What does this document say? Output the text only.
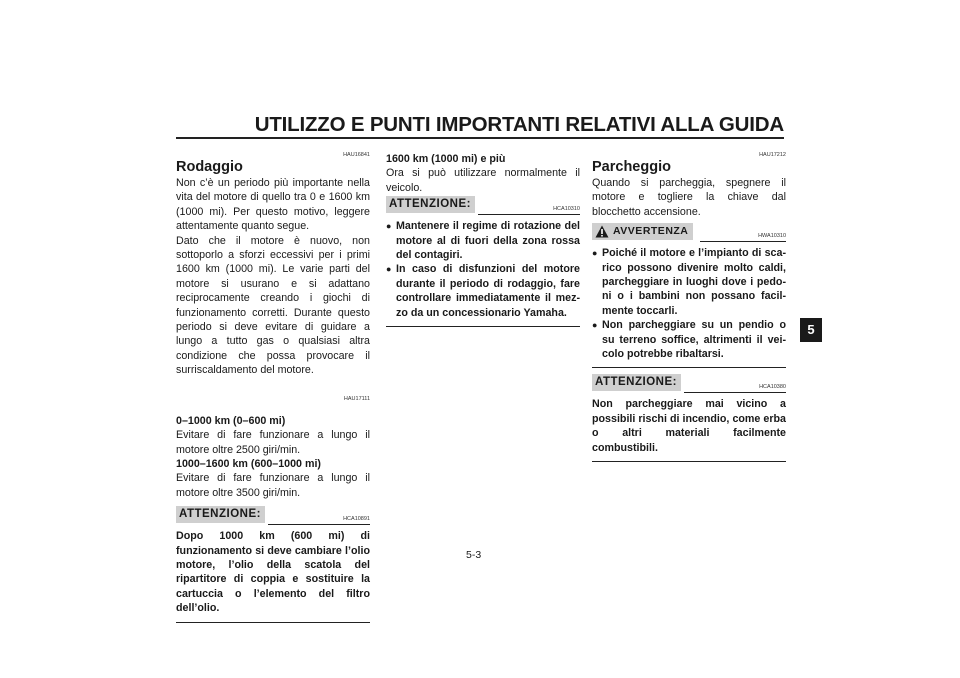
UTILIZZO E PUNTI IMPORTANTI RELATIVI ALLA GUIDA
5
Rodaggio
HAU16841

Non c’è un periodo più importante nella vita del motore di quello tra 0 e 1600 km (1000 mi). Per questo motivo, leggere attentamente quanto segue.

Dato che il motore è nuovo, non sottoporlo a sforzi eccessivi per i primi 1600 km (1000 mi). Le varie parti del motore si usurano e si adattano reciprocamente creando i giochi di funzionamento corretti. Durante questo periodo si deve evitare di guidare a lungo a tutto gas o qualsiasi altra condizione che possa provocare il surriscaldamento del motore.

HAU17111
0–1000 km (0–600 mi)

Evitare di fare funzionare a lungo il motore oltre 2500 giri/min.

1000–1600 km (600–1000 mi)

Evitare di fare funzionare a lungo il motore oltre 3500 giri/min.

ATTENZIONE:	HCA10891

Dopo 1000 km (600 mi) di funzionamento si deve cambiare l’olio motore, l’olio della scatola del ripartitore di coppia e sostituire la cartuccia o l’elemento del filtro dell’olio.

1600 km (1000 mi) e più

Ora si può utilizzare normalmente il veicolo.

ATTENZIONE:	HCA10310
● Mantenere il regime di rotazione del motore al di fuori della zona rossa del contagiri.
● In caso di disfunzioni del motore durante il periodo di rodaggio, fare controllare immediatamente il mezzo da un concessionario Yamaha.
Parcheggio
HAU17212

Quando si parcheggia, spegnere il motore e togliere la chiave dal blocchetto accensione.

AVVERTENZA	HWA10310
● Poiché il motore e l’impianto di scarico possono divenire molto caldi, parcheggiare in luoghi dove i pedoni o i bambini non possano facilmente toccarli.
● Non parcheggiare su un pendio o su terreno soffice, altrimenti il veicolo potrebbe ribaltarsi.
ATTENZIONE:	HCA10380

Non parcheggiare mai vicino a possibili rischi di incendio, come erba o altri materiali facilmente combustibili.

5-3
